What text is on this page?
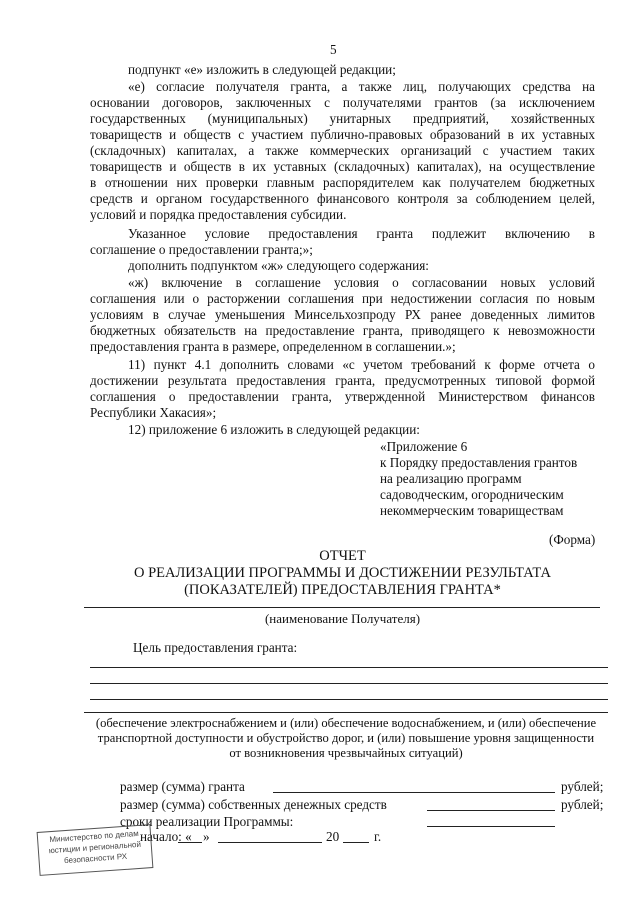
5
подпункт «е» изложить в следующей редакции;
«е) согласие получателя гранта, а также лиц, получающих средства на
основании договоров, заключенных с получателями грантов (за исключением
государственных (муниципальных) унитарных предприятий, хозяйственных
товариществ и обществ с участием публично-правовых образований в их уставных
(складочных) капиталах, а также коммерческих организаций с участием таких
товариществ и обществ в их уставных (складочных) капиталах), на осуществление
в отношении них проверки главным распорядителем как получателем бюджетных
средств и органом государственного финансового контроля за соблюдением целей,
условий и порядка предоставления субсидии.
Указанное условие предоставления гранта подлежит включению в
соглашение о предоставлении гранта;»;
дополнить подпунктом «ж» следующего содержания:
«ж) включение в соглашение условия о согласовании новых условий
соглашения или о расторжении соглашения при недостижении согласия по новым
условиям в случае уменьшения Минсельхозпроду РХ ранее доведенных лимитов
бюджетных обязательств на предоставление гранта, приводящего к невозможности
предоставления гранта в размере, определенном в соглашении.»;
11) пункт 4.1 дополнить словами «с учетом требований к форме отчета о
достижении результата предоставления гранта, предусмотренных типовой формой
соглашения о предоставлении гранта, утвержденной Министерством финансов
Республики Хакасия»;
12) приложение 6 изложить в следующей редакции:
«Приложение 6
к Порядку предоставления грантов
на реализацию программ
садоводческим, огородническим
некоммерческим товариществам
(Форма)
ОТЧЕТ
О РЕАЛИЗАЦИИ ПРОГРАММЫ И ДОСТИЖЕНИИ РЕЗУЛЬТАТА
(ПОКАЗАТЕЛЕЙ) ПРЕДОСТАВЛЕНИЯ ГРАНТА*
(наименование Получателя)
Цель предоставления гранта:
(обеспечение электроснабжением и (или) обеспечение водоснабжением, и (или) обеспечение
транспортной доступности и обустройство дорог, и (или) повышение уровня защищенности
от возникновения чрезвычайных ситуаций)
размер (сумма) гранта	рублей;
размер (сумма) собственных денежных средств	рублей;
сроки реализации Программы:
начало: « »	20	г.
Министерство по делам
юстиции и региональной
безопасности РХ
